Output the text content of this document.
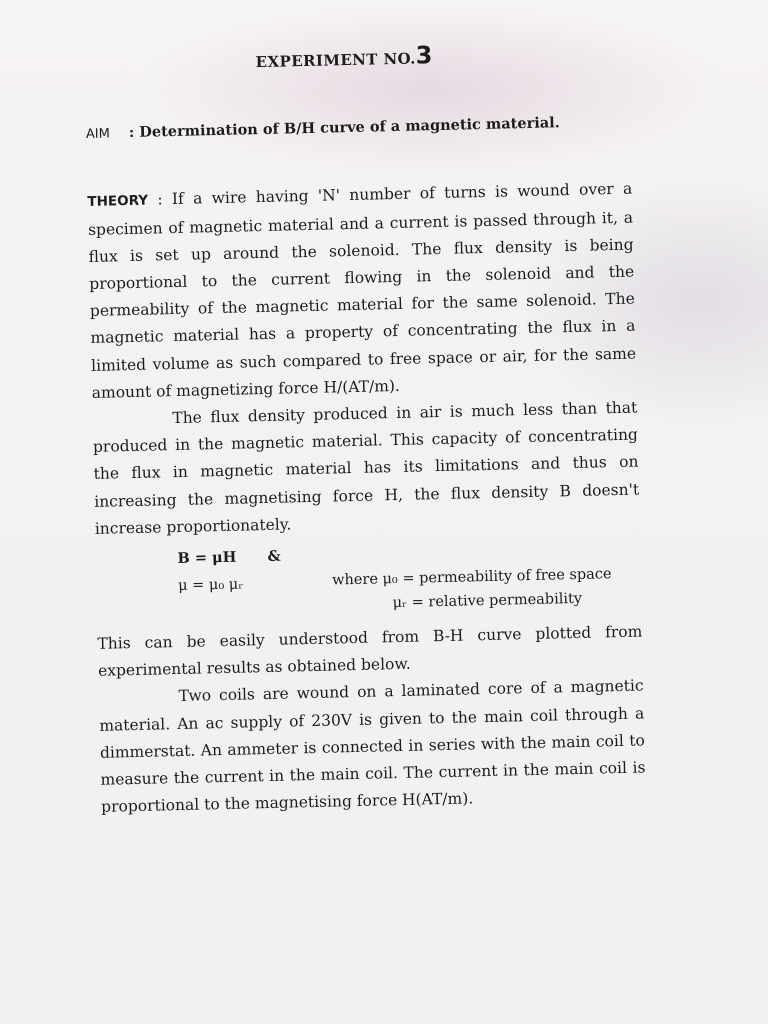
EXPERIMENT NO.3
AIM : Determination of B/H curve of a magnetic material.
THEORY : If a wire having 'N' number of turns is wound over a specimen of magnetic material and a current is passed through it, a flux is set up around the solenoid. The flux density is being proportional to the current flowing in the solenoid and the permeability of the magnetic material for the same solenoid. The magnetic material has a property of concentrating the flux in a limited volume as such compared to free space or air, for the same amount of magnetizing force H/(AT/m).
The flux density produced in air is much less than that produced in the magnetic material. This capacity of concentrating the flux in magnetic material has its limitations and thus on increasing the magnetising force H, the flux density B doesn't increase proportionately.
B = μH &
μ = μ₀ μᵣ	where μ₀ = permeability of free space
μᵣ = relative permeability
This can be easily understood from B-H curve plotted from experimental results as obtained below.
Two coils are wound on a laminated core of a magnetic material. An ac supply of 230V is given to the main coil through a dimmerstat. An ammeter is connected in series with the main coil to measure the current in the main coil. The current in the main coil is proportional to the magnetising force H(AT/m).
